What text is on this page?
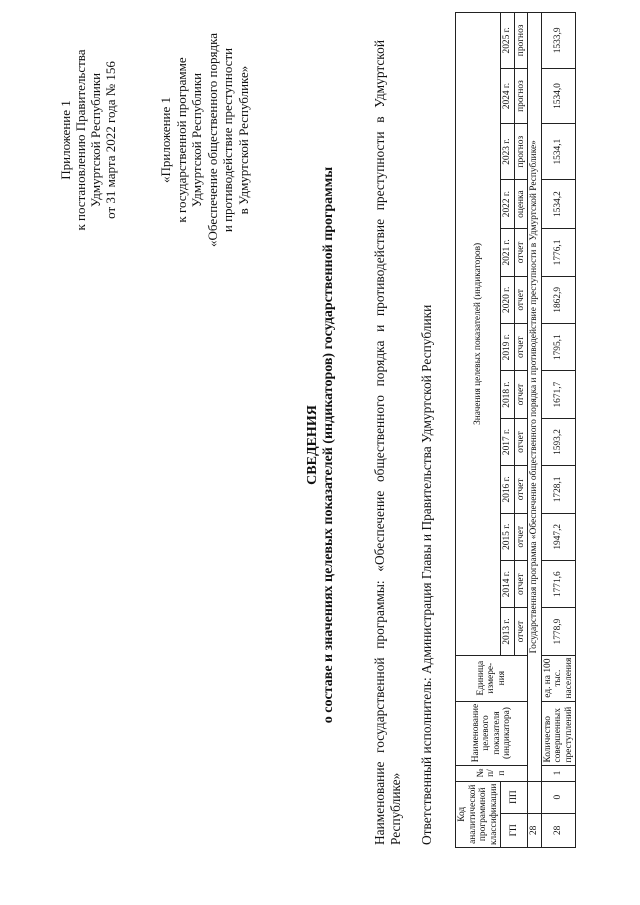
Приложение 1 к постановлению Правительства Удмуртской Республики от 31 марта 2022 года № 156	«Приложение 1 к государственной программе Удмуртской Республики «Обеспечение общественного порядка и противодействие преступности в Удмуртской Республике»
СВЕДЕНИЯ о составе и значениях целевых показателей (индикаторов) государственной программы	Наименование государственной программы: «Обеспечение общественного порядка и противодействие преступности в Удмуртской Республике» Ответственный исполнитель: Администрация Главы и Правительства Удмуртской Республики Код аналитической программной классификации		№ п/п	Наименование целевого показателя (индикатора)	Единица измере-ния	Значения целевых показателей (индикаторов)												
ГП	ПП				2013 г.	2014 г.	2015 г.	2016 г.	2017 г.	2018 г.	2019 г.	2020 г.	2021 г.	2022 г.	2023 г.	2024 г.	2025 г.
					отчет	отчет	отчет	отчет	отчет	отчет	отчет	отчет	отчет	оценка	прогноз	прогноз	прогноз
28		Государственная программа «Обеспечение общественного порядка и противодействие преступности в Удмуртской Республике»															
28	0	1	Количество совершенных преступлений	ед. на 100 тыс. населения	1778,9	1771,6	1947,2	1728,1	1593,2	1671,7	1795,1	1862,9	1776,1	1534,2	1534,1	1534,0	1533,9
